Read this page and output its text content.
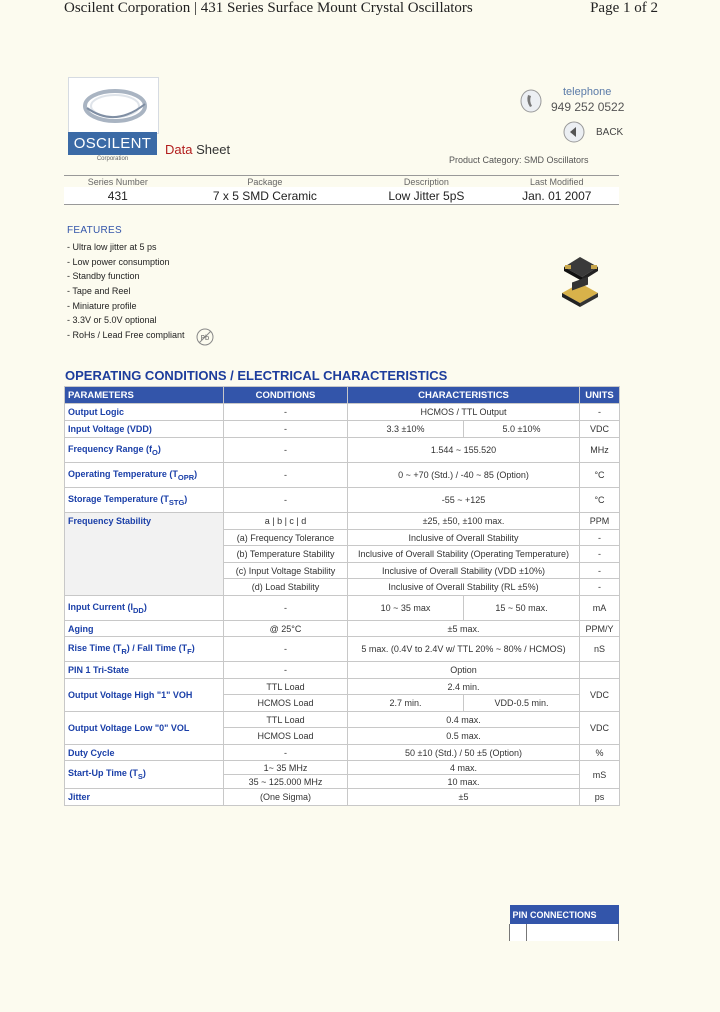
Oscilent Corporation | 431 Series Surface Mount Crystal Oscillators	Page 1 of 2
OSCILENT
Corporation
Data Sheet
telephone
949 252 0522
BACK
Product Category: SMD Oscillators
Series Number	Package	Description	Last Modified
431	7 x 5 SMD Ceramic	Low Jitter 5pS	Jan. 01 2007
FEATURES
- Ultra low jitter at 5 ps
- Low power consumption
- Standby function
- Tape and Reel
- Miniature profile
- 3.3V or 5.0V optional
- RoHs / Lead Free compliant Pb
OPERATING CONDITIONS / ELECTRICAL CHARACTERISTICS
PARAMETERS	CONDITIONS	CHARACTERISTICS		UNITS
Output Logic	-	HCMOS / TTL Output		-
Input Voltage (VDD)	-	3.3 ±10%	5.0 ±10%	VDC
Frequency Range $(f_O)$	-	1.544 ~ 155.520		MHz
Operating Temperature $(T_{OPR})$	-	0 ~ +70 (Std.) / -40 ~ 85 (Option)		°C
Storage Temperature $(T_{STG})$	-	-55 ~ +125		°C
Frequency Stability	a | b | c | d	±25, ±50, ±100 max.		PPM
	(a) Frequency Tolerance	Inclusive of Overall Stability		-
	(b) Temperature Stability	Inclusive of Overall Stability (Operating Temperature)		-
	(c) Input Voltage Stability	Inclusive of Overall Stability (VDD ±10%)		-
	(d) Load Stability	Inclusive of Overall Stability (RL ±5%)		-
Input Current $(I_{DD})$	-	10 ~ 35 max	15 ~ 50 max.	mA
Aging	@ 25°C	±5 max.		PPM/Y
Rise Time $(T_R)$ / Fall Time $(T_F)$	-	5 max. (0.4V to 2.4V w/ TTL 20% ~ 80% / HCMOS)		nS
PIN 1 Tri-State	-	Option		
Output Voltage High "1" VOH	TTL Load	2.4 min.		VDC
	HCMOS Load	2.7 min.	VDD-0.5 min.	
Output Voltage Low "0" VOL	TTL Load	0.4 max.		VDC
	HCMOS Load	0.5 max.		
Duty Cycle	-	50 ±10 (Std.) / 50 ±5 (Option)		%
Start-Up Time $(T_S)$	1~ 35 MHz	4 max.		mS
	35 ~ 125.000 MHz	10 max.		
Jitter	(One Sigma)	±5		ps
PIN CONNECTIONS
